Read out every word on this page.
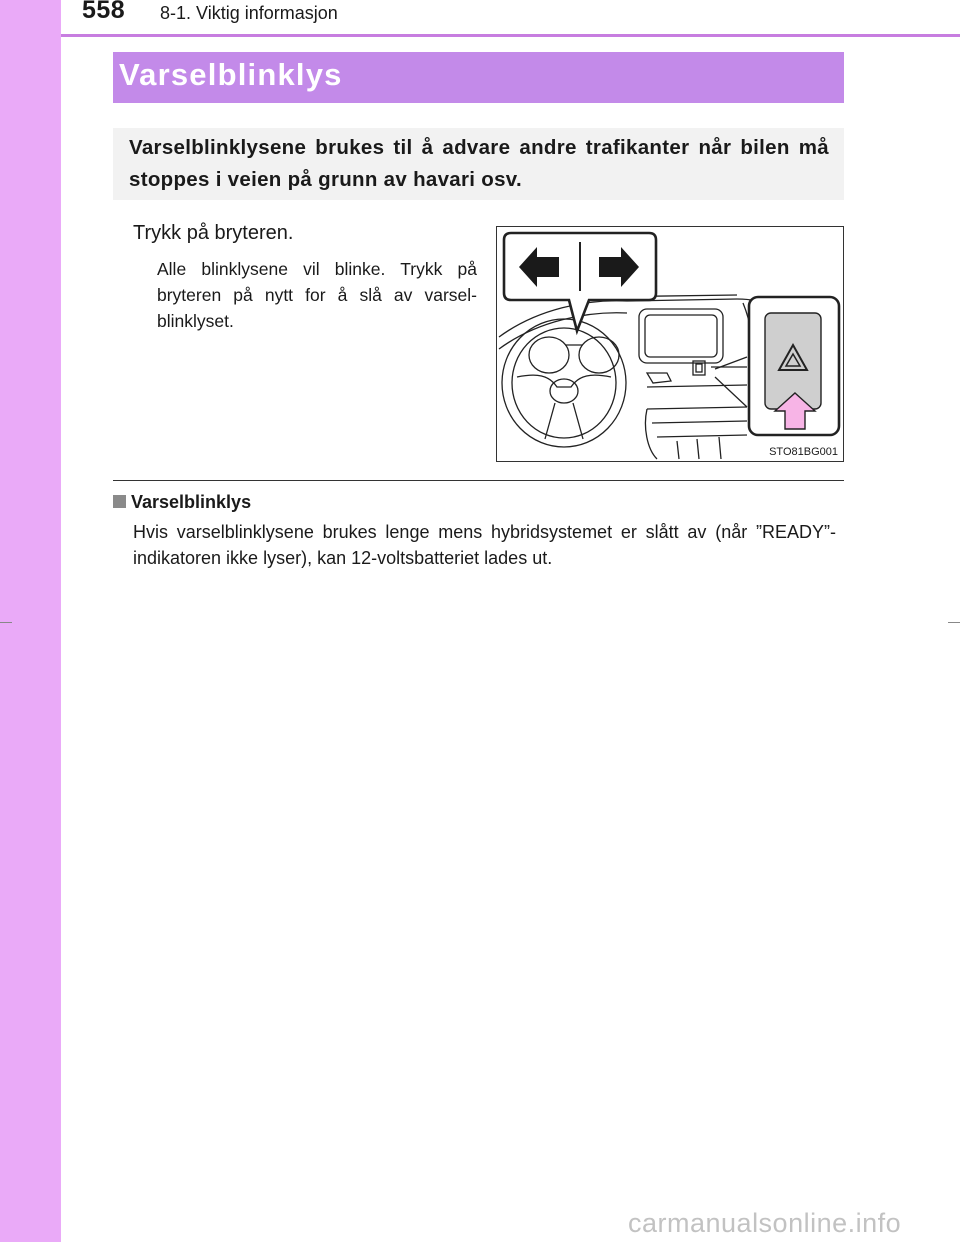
558 8-1. Viktig informasjon
Varselblinklys
Varselblinklysene brukes til å advare andre trafikanter når bilen må stoppes i veien på grunn av havari osv.
Trykk på bryteren.
Alle blinklysene vil blinke. Trykk på bryteren på nytt for å slå av varsel-blinklyset.
STO81BG001
Varselblinklys
Hvis varselblinklysene brukes lenge mens hybridsystemet er slått av (når ”READY”-indikatoren ikke lyser), kan 12-voltsbatteriet lades ut.
carmanualsonline.info
